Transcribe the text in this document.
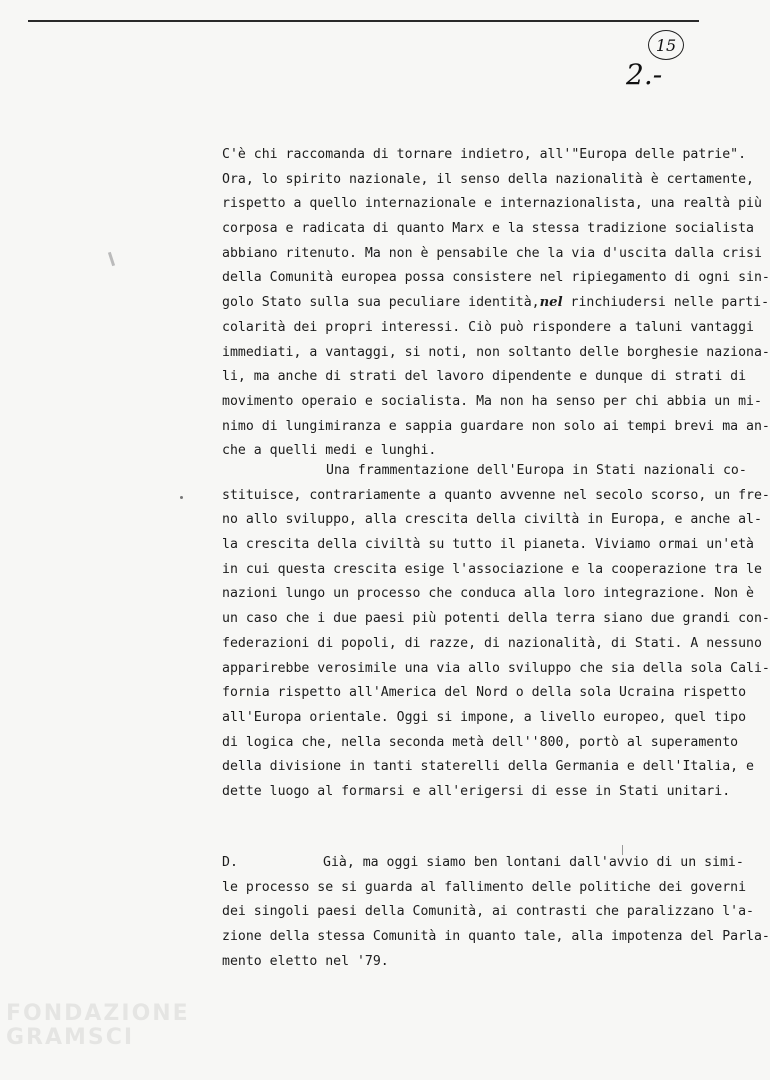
15
2.-
C'è chi raccomanda di tornare indietro, all'"Europa delle patrie".
Ora, lo spirito nazionale, il senso della nazionalità è certamente,
rispetto a quello internazionale e internazionalista, una realtà più
corposa e radicata di quanto Marx e la stessa tradizione socialista
abbiano ritenuto. Ma non è pensabile che la via d'uscita dalla crisi
della Comunità europea possa consistere nel ripiegamento di ogni sin-
golo Stato sulla sua peculiare identità,nel rinchiudersi nelle parti-
colarità dei propri interessi. Ciò può rispondere a taluni vantaggi
immediati, a vantaggi, si noti, non soltanto delle borghesie naziona-
li, ma anche di strati del lavoro dipendente e dunque di strati di
movimento operaio e socialista. Ma non ha senso per chi abbia un mi-
nimo di lungimiranza e sappia guardare non solo ai tempi brevi ma an-
che a quelli medi e lunghi.
Una frammentazione dell'Europa in Stati nazionali co-
stituisce, contrariamente a quanto avvenne nel secolo scorso, un fre-
no allo sviluppo, alla crescita della civiltà in Europa, e anche al-
la crescita della civiltà su tutto il pianeta. Viviamo ormai un'età
in cui questa crescita esige l'associazione e la cooperazione tra le
nazioni lungo un processo che conduca alla loro integrazione. Non è
un caso che i due paesi più potenti della terra siano due grandi con-
federazioni di popoli, di razze, di nazionalità, di Stati. A nessuno
apparirebbe verosimile una via allo sviluppo che sia della sola Cali-
fornia rispetto all'America del Nord o della sola Ucraina rispetto
all'Europa orientale. Oggi si impone, a livello europeo, quel tipo
di logica che, nella seconda metà dell''800, portò al superamento
della divisione in tanti staterelli della Germania e dell'Italia, e
dette luogo al formarsi e all'erigersi di esse in Stati unitari.
D.	Già, ma oggi siamo ben lontani dall'avvio di un simi-
le processo se si guarda al fallimento delle politiche dei governi
dei singoli paesi della Comunità, ai contrasti che paralizzano l'a-
zione della stessa Comunità in quanto tale, alla impotenza del Parla-
mento eletto nel '79.
FONDAZIONE
GRAMSCI
